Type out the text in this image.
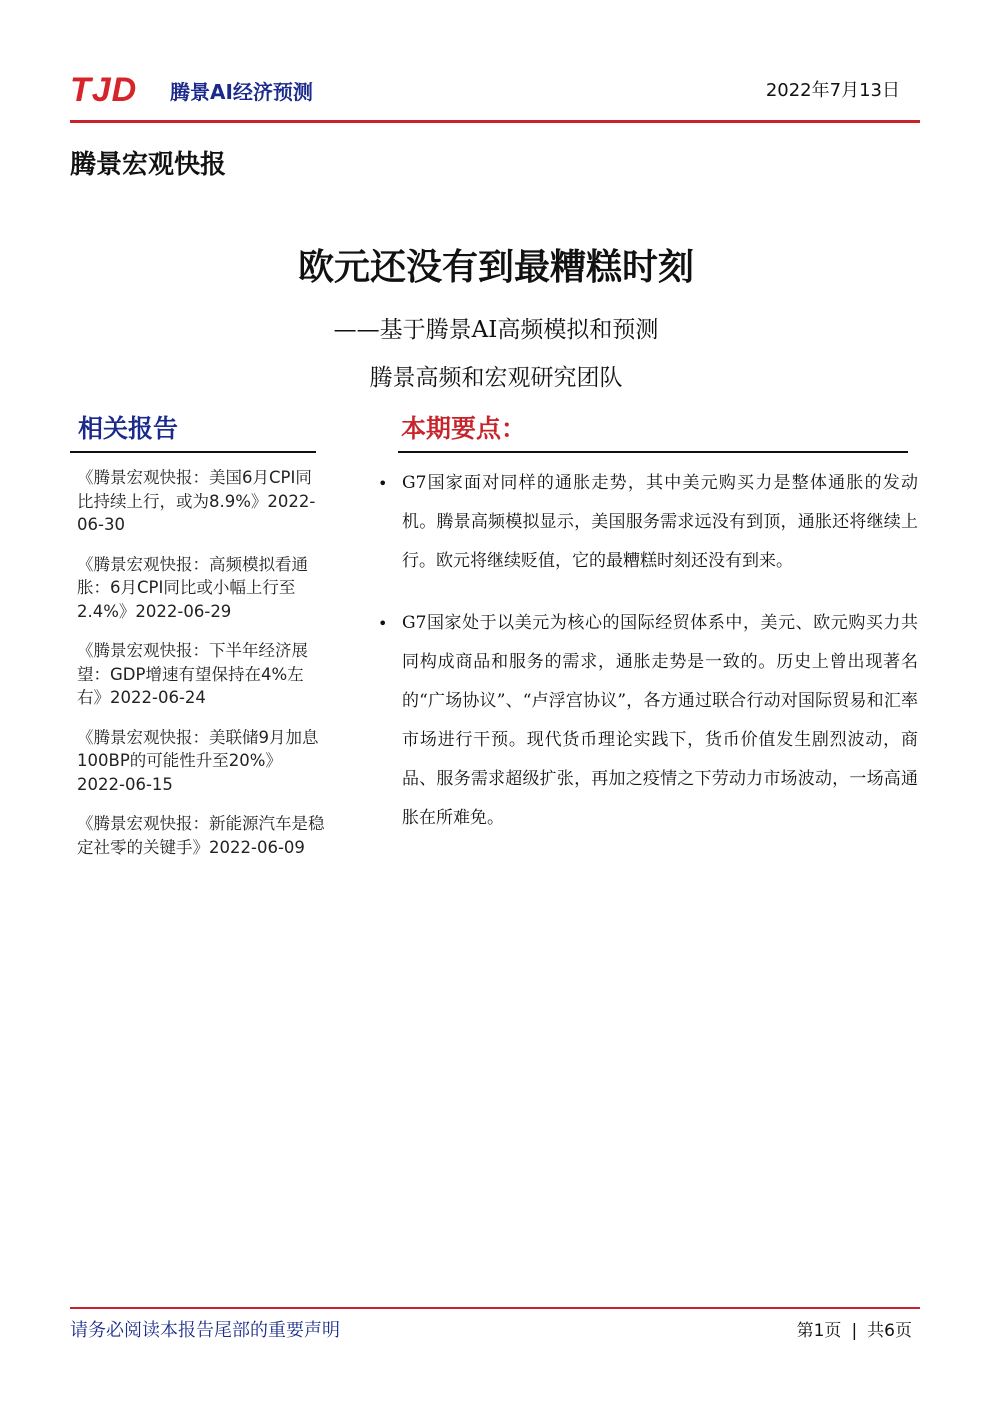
TJD 腾景AI经济预测	2022年7月13日
腾景宏观快报
欧元还没有到最糟糕时刻
——基于腾景AI高频模拟和预测
腾景高频和宏观研究团队
相关报告
《腾景宏观快报：美国6月CPI同比持续上行，或为8.9%》2022-06-30
《腾景宏观快报：高频模拟看通胀：6月CPI同比或小幅上行至2.4%》2022-06-29
《腾景宏观快报：下半年经济展望：GDP增速有望保持在4%左右》2022-06-24
《腾景宏观快报：美联储9月加息100BP的可能性升至20%》2022-06-15
《腾景宏观快报：新能源汽车是稳定社零的关键手》2022-06-09
本期要点：
• G7国家面对同样的通胀走势，其中美元购买力是整体通胀的发动机。腾景高频模拟显示，美国服务需求远没有到顶，通胀还将继续上行。欧元将继续贬值，它的最糟糕时刻还没有到来。
• G7国家处于以美元为核心的国际经贸体系中，美元、欧元购买力共同构成商品和服务的需求，通胀走势是一致的。历史上曾出现著名的“广场协议”、“卢浮宫协议”，各方通过联合行动对国际贸易和汇率市场进行干预。现代货币理论实践下，货币价值发生剧烈波动，商品、服务需求超级扩张，再加之疫情之下劳动力市场波动，一场高通胀在所难免。
请务必阅读本报告尾部的重要声明	第1页 | 共6页
